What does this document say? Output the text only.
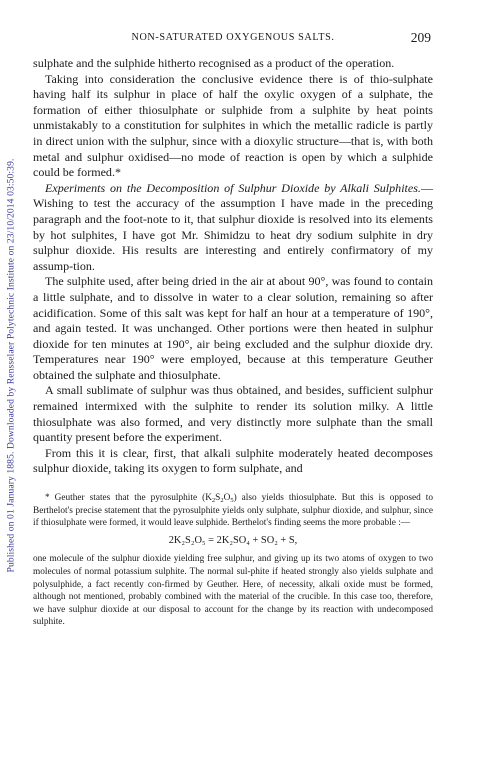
Published on 01 January 1885. Downloaded by Rensselaer Polytechnic Institute on 23/10/2014 03:50:39.
NON-SATURATED OXYGENOUS SALTS.	209

sulphate and the sulphide hitherto recognised as a product of the operation.

Taking into consideration the conclusive evidence there is of thio-sulphate having half its sulphur in place of half the oxylic oxygen of a sulphate, the formation of either thiosulphate or sulphide from a sulphite by heat points unmistakably to a constitution for sulphites in which the metallic radicle is partly in direct union with the sulphur, since with a dioxylic structure—that is, with both metal and sulphur oxidised—no mode of reaction is open by which a sulphide could be formed.*

Experiments on the Decomposition of Sulphur Dioxide by Alkali Sulphites.—Wishing to test the accuracy of the assumption I have made in the preceding paragraph and the foot-note to it, that sulphur dioxide is resolved into its elements by hot sulphites, I have got Mr. Shimidzu to heat dry sodium sulphite in dry sulphur dioxide. His results are interesting and entirely confirmatory of my assump-tion.

The sulphite used, after being dried in the air at about 90°, was found to contain a little sulphate, and to dissolve in water to a clear solution, remaining so after acidification. Some of this salt was kept for half an hour at a temperature of 190°, and again tested. It was unchanged. Other portions were then heated in sulphur dioxide for ten minutes at 190°, air being excluded and the sulphur dioxide dry. Temperatures near 190° were employed, because at this temperature Geuther obtained the sulphate and thiosulphate.

A small sublimate of sulphur was thus obtained, and besides, sufficient sulphur remained intermixed with the sulphite to render its solution milky. A little thiosulphate was also formed, and very distinctly more sulphate than the small quantity present before the experiment.

From this it is clear, first, that alkali sulphite moderately heated decomposes sulphur dioxide, taking its oxygen to form sulphate, and

* Geuther states that the pyrosulphite $(K_2S_2O_5)$ also yields thiosulphate. But this is opposed to Berthelot's precise statement that the pyrosulphite yields only sulphate, sulphur dioxide, and sulphur, since if thiosulphate were formed, it would leave sulphide. Berthelot's finding seems the more probable :—

2K₂S₂O₅ = 2K₂SO₄ + SO₂ + S,

one molecule of the sulphur dioxide yielding free sulphur, and giving up its two atoms of oxygen to two molecules of normal potassium sulphite. The normal sul-phite if heated strongly also yields sulphate and polysulphide, a fact recently con-firmed by Geuther. Here, of necessity, alkali oxide must be formed, although not mentioned, probably combined with the material of the crucible. In this case too, therefore, we have sulphur dioxide at our disposal to account for the change by its reaction with undecomposed sulphite.
